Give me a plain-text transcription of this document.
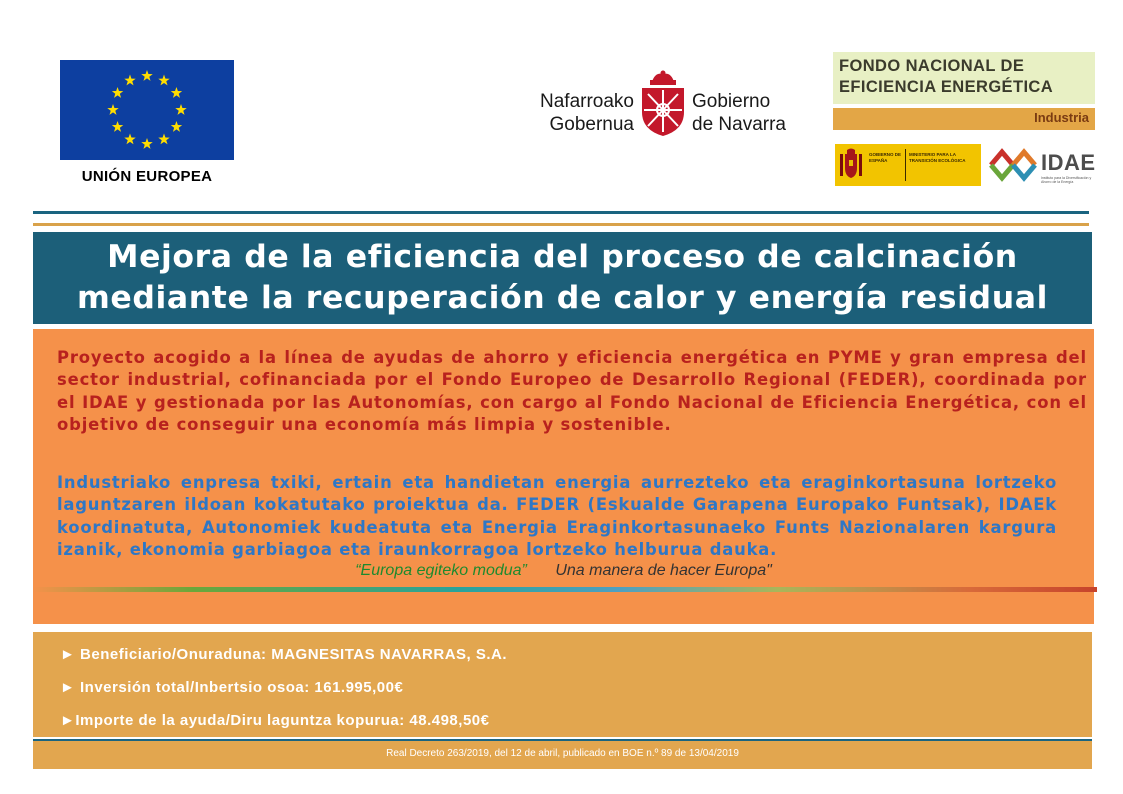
UNIÓN EUROPEA
Nafarroako
Gobernua
Gobierno
de Navarra
FONDO NACIONAL DE
EFICIENCIA ENERGÉTICA
Industria
GOBIERNO DE ESPAÑA
MINISTERIO PARA LA TRANSICIÓN ECOLÓGICA	IDAE
Instituto para la Diversificación y Ahorro de la Energía
Mejora de la eficiencia del proceso de calcinación
mediante la recuperación de calor y energía residual

Proyecto acogido a la línea de ayudas de ahorro y eficiencia energética en PYME y gran empresa del sector industrial, cofinanciada por el Fondo Europeo de Desarrollo Regional (FEDER), coordinada por el IDAE y gestionada por las Autonomías, con cargo al Fondo Nacional de Eficiencia Energética, con el objetivo de conseguir una economía más limpia y sostenible.

Industriako enpresa txiki, ertain eta handietan energia aurrezteko eta eraginkortasuna lortzeko laguntzaren ildoan kokatutako proiektua da. FEDER (Eskualde Garapena Europako Funtsak), IDAEk koordinatuta, Autonomiek kudeatuta eta Energia Eraginkortasunaeko Funts Nazionalaren kargura izanik, ekonomia garbiagoa eta iraunkorragoa lortzeko helburua dauka.

“Europa egiteko modua” Una manera de hacer Europa"
► Beneficiario/Onuraduna: MAGNESITAS NAVARRAS, S.A.
► Inversión total/Inbertsio osoa: 161.995,00€
►Importe de la ayuda/Diru laguntza kopurua: 48.498,50€
Real Decreto 263/2019, del 12 de abril, publicado en BOE n.º 89 de 13/04/2019
